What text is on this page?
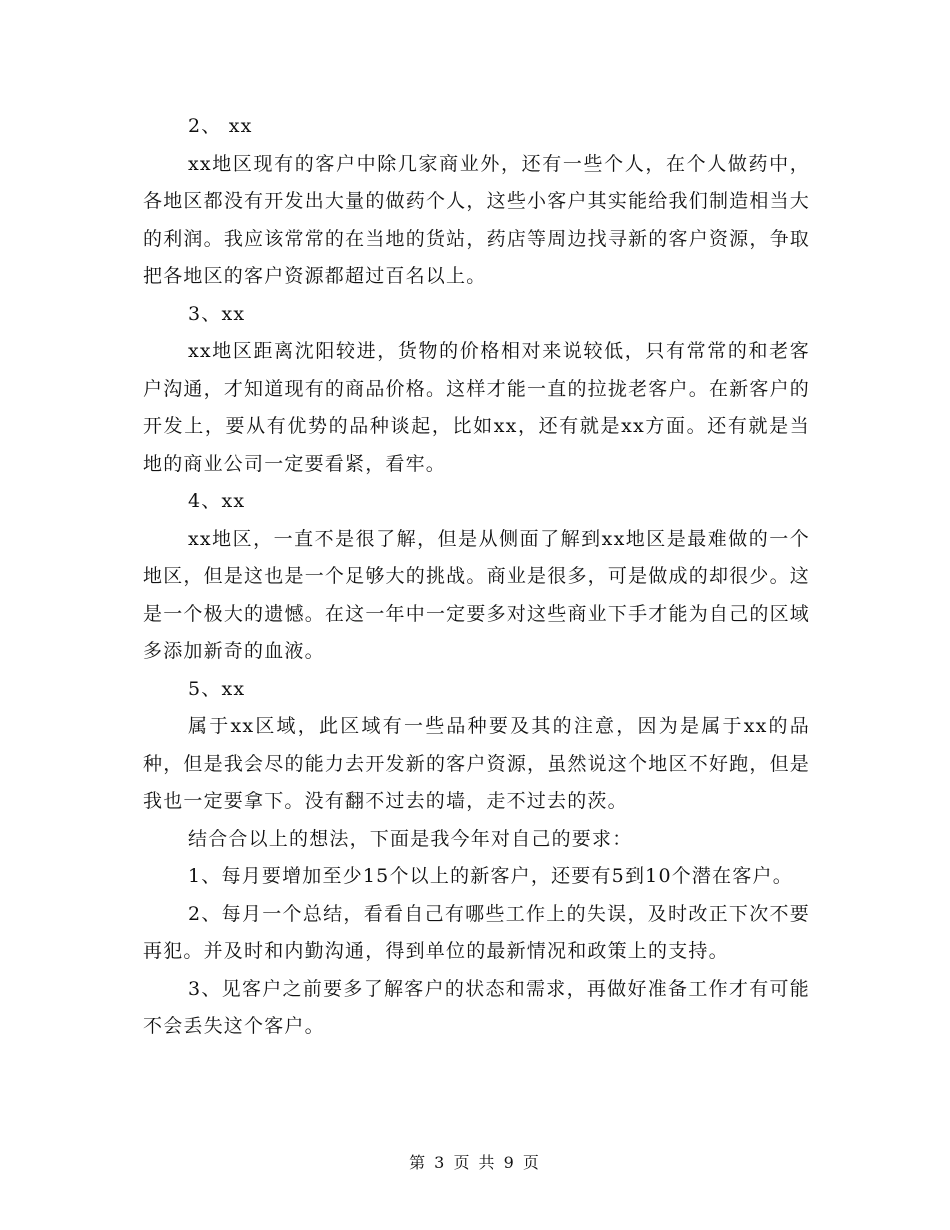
2、 xx

xx地区现有的客户中除几家商业外，还有一些个人，在个人做药中，各地区都没有开发出大量的做药个人，这些小客户其实能给我们制造相当大的利润。我应该常常的在当地的货站，药店等周边找寻新的客户资源，争取把各地区的客户资源都超过百名以上。

3、xx

xx地区距离沈阳较进，货物的价格相对来说较低，只有常常的和老客户沟通，才知道现有的商品价格。这样才能一直的拉拢老客户。在新客户的开发上，要从有优势的品种谈起，比如xx，还有就是xx方面。还有就是当地的商业公司一定要看紧，看牢。

4、xx

xx地区，一直不是很了解，但是从侧面了解到xx地区是最难做的一个地区，但是这也是一个足够大的挑战。商业是很多，可是做成的却很少。这是一个极大的遗憾。在这一年中一定要多对这些商业下手才能为自己的区域多添加新奇的血液。

5、xx

属于xx区域，此区域有一些品种要及其的注意，因为是属于xx的品种，但是我会尽的能力去开发新的客户资源，虽然说这个地区不好跑，但是我也一定要拿下。没有翻不过去的墙，走不过去的茨。

结合合以上的想法，下面是我今年对自己的要求：

1、每月要增加至少15个以上的新客户，还要有5到10个潜在客户。

2、每月一个总结，看看自己有哪些工作上的失误，及时改正下次不要再犯。并及时和内勤沟通，得到单位的最新情况和政策上的支持。

3、见客户之前要多了解客户的状态和需求，再做好准备工作才有可能不会丢失这个客户。

第 3 页 共 9 页
